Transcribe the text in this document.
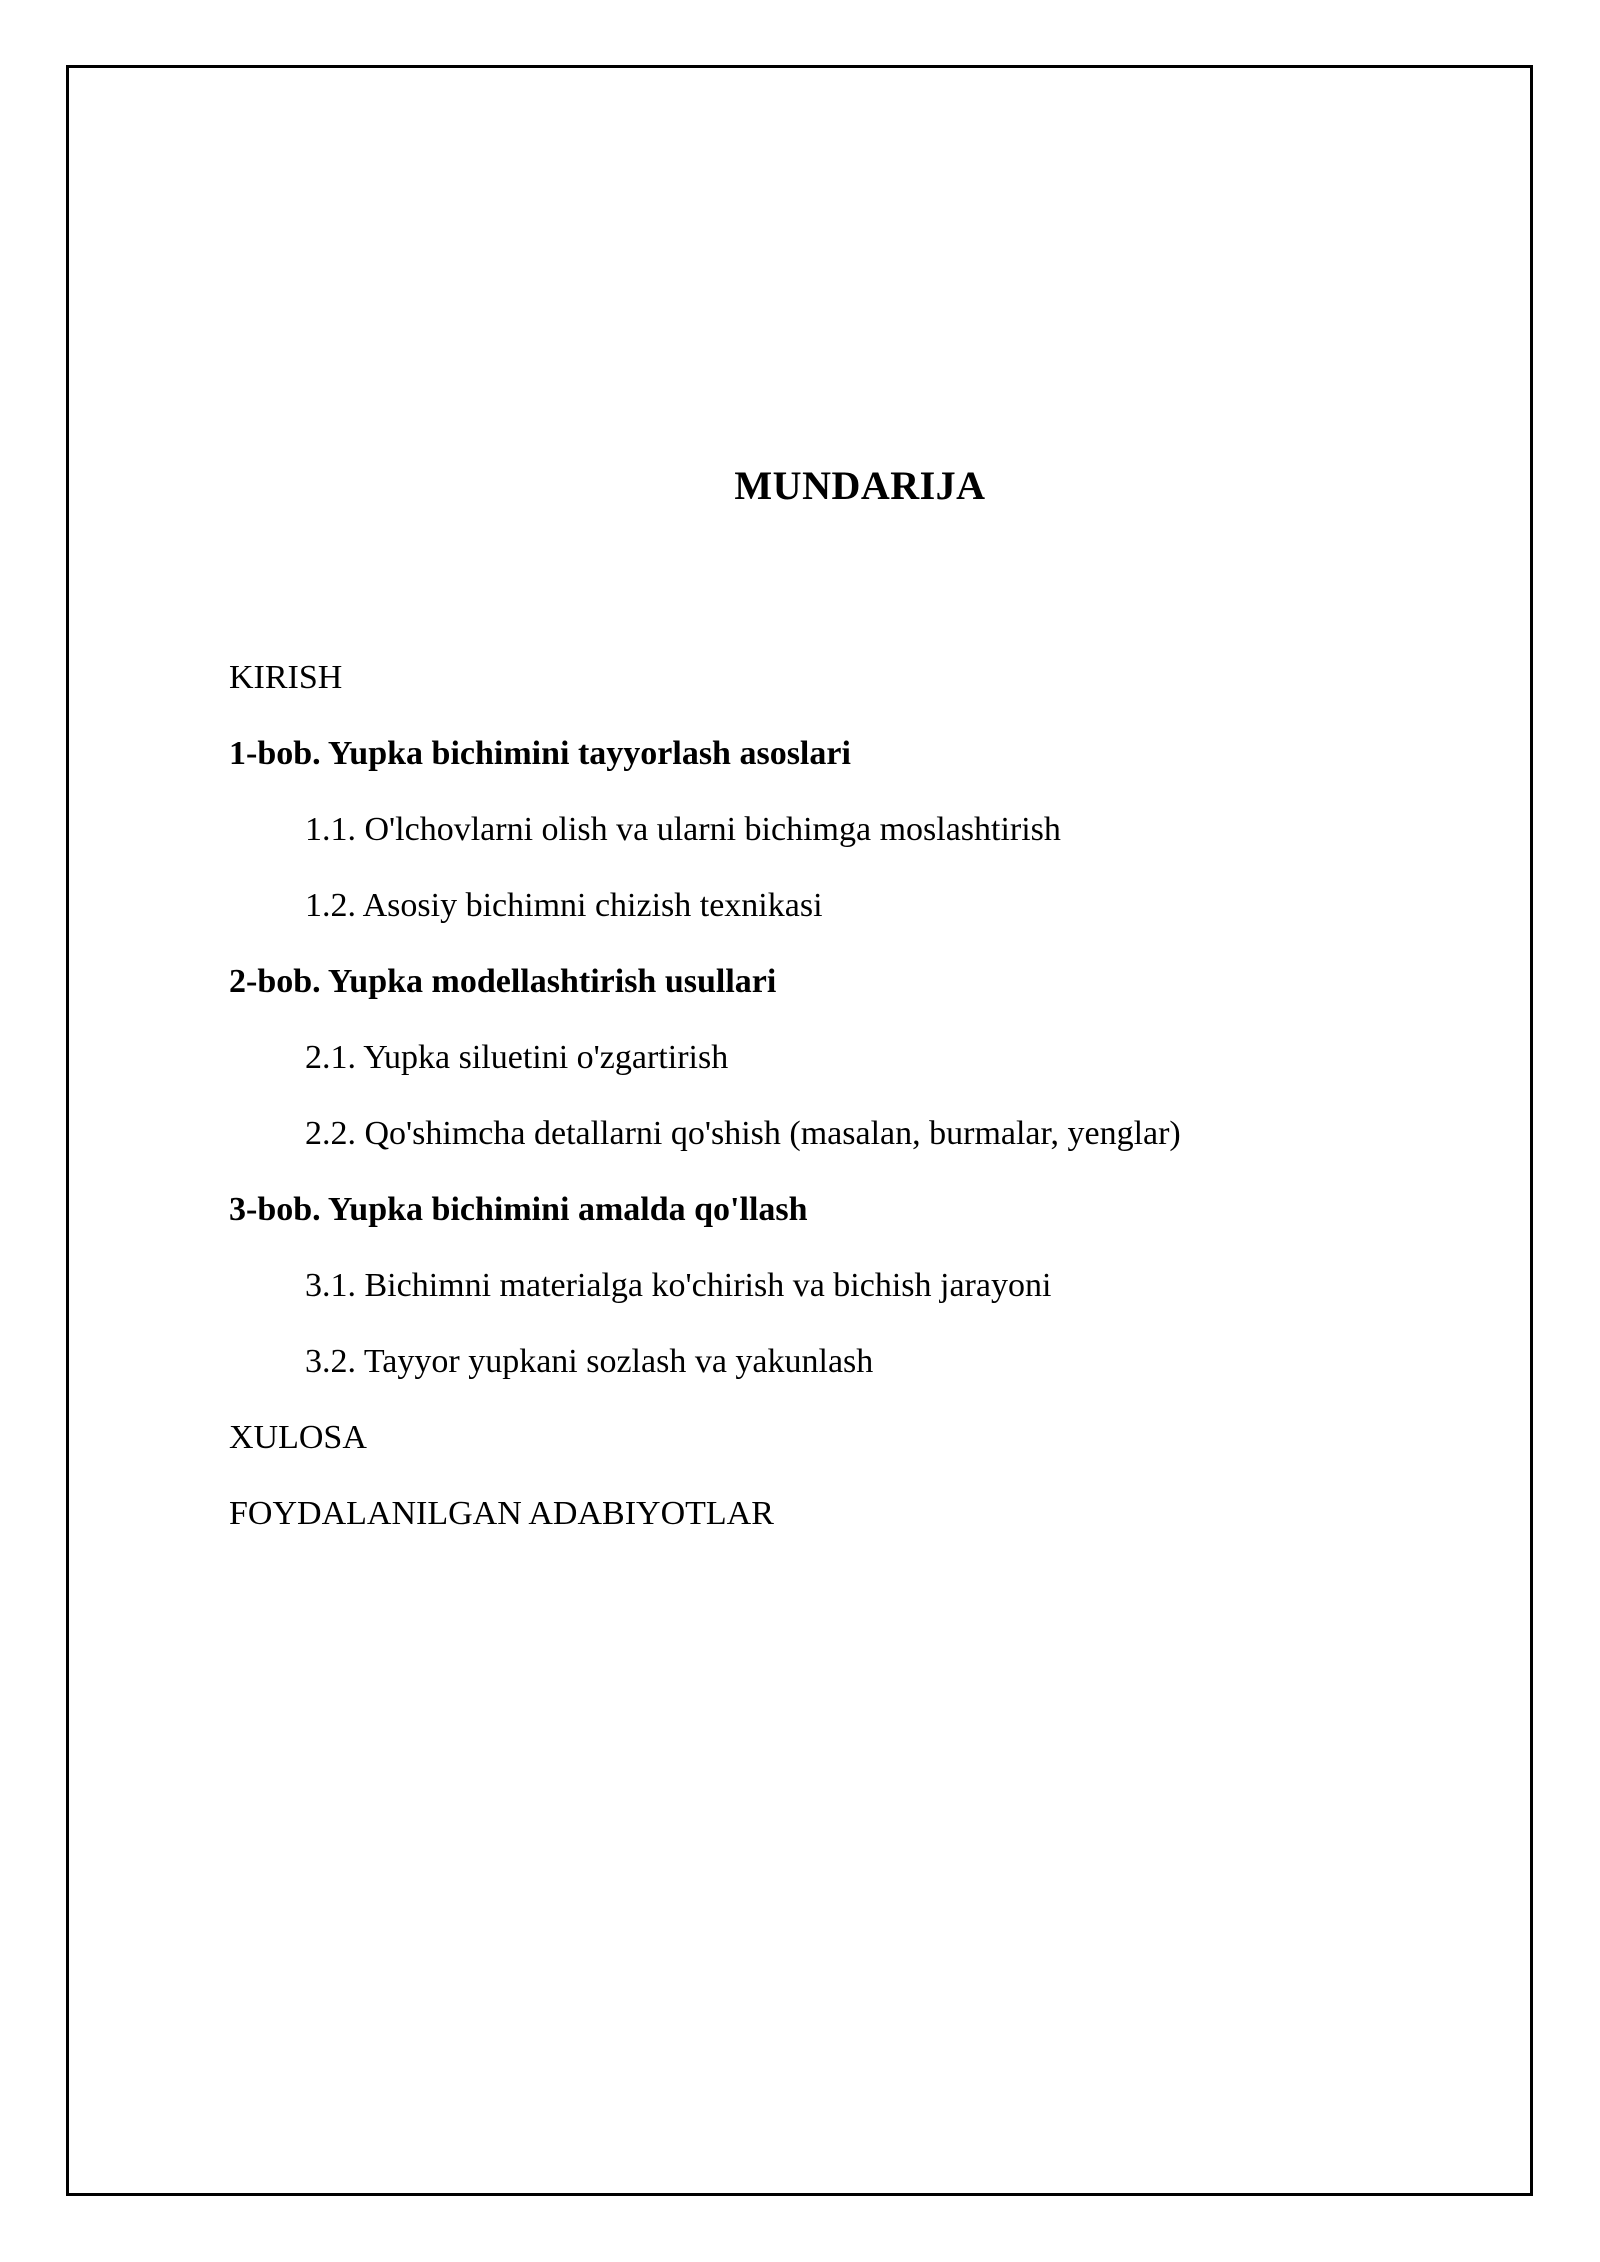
MUNDARIJA
KIRISH
1-bob. Yupka bichimini tayyorlash asoslari
1.1. O'lchovlarni olish va ularni bichimga moslashtirish
1.2. Asosiy bichimni chizish texnikasi
2-bob. Yupka modellashtirish usullari
2.1. Yupka siluetini o'zgartirish
2.2. Qo'shimcha detallarni qo'shish (masalan, burmalar, yenglar)
3-bob. Yupka bichimini amalda qo'llash
3.1. Bichimni materialga ko'chirish va bichish jarayoni
3.2. Tayyor yupkani sozlash va yakunlash
XULOSA
FOYDALANILGAN ADABIYOTLAR
